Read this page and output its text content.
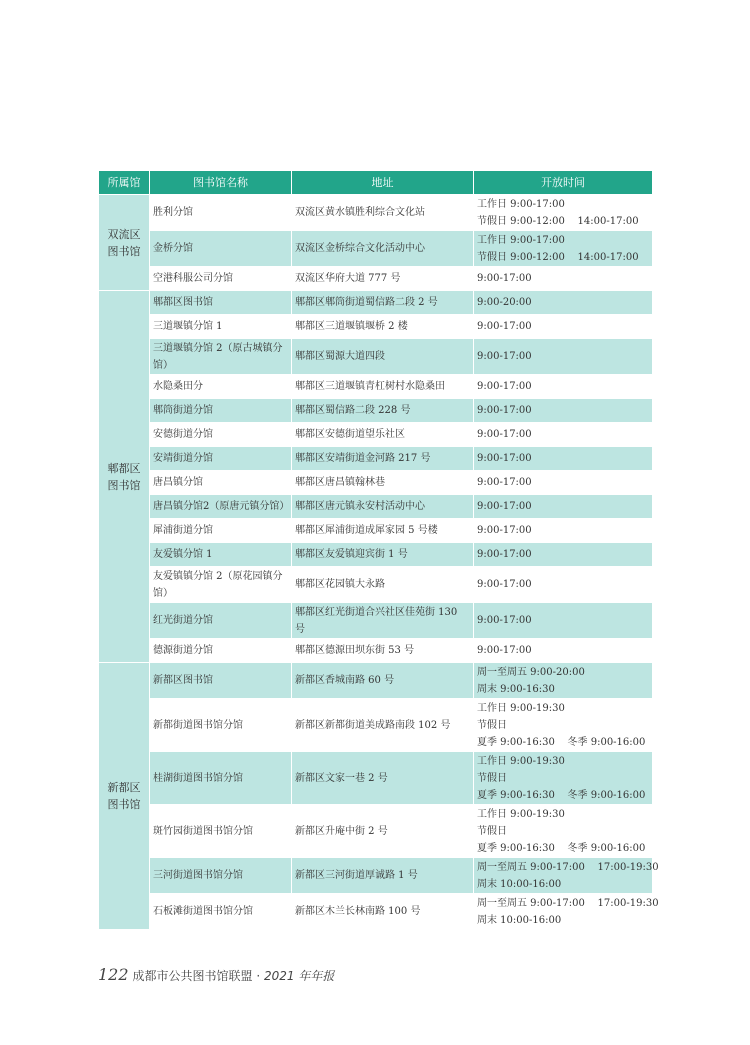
所属馆	图书馆名称	地址	开放时间
双流区
图书馆	胜利分馆	双流区黄水镇胜利综合文化站	工作日 9:00-17:00
节假日 9:00-12:00    14:00-17:00

	金桥分馆	双流区金桥综合文化活动中心	工作日 9:00-17:00
节假日 9:00-12:00    14:00-17:00

	空港科服公司分馆	双流区华府大道 777 号	9:00-17:00

郫都区
图书馆	郫都区图书馆	郫都区郫筒街道蜀信路二段 2 号	9:00-20:00

	三道堰镇分馆 1	郫都区三道堰镇堰桥 2 楼	9:00-17:00

	三道堰镇分馆 2（原古城镇分馆）	郫都区蜀源大道四段	9:00-17:00

	水隐桑田分	郫都区三道堰镇青杠树村水隐桑田	9:00-17:00

	郫筒街道分馆	郫都区蜀信路二段 228 号	9:00-17:00

	安德街道分馆	郫都区安德街道望乐社区	9:00-17:00

	安靖街道分馆	郫都区安靖街道金河路 217 号	9:00-17:00

	唐昌镇分馆	郫都区唐昌镇翰林巷	9:00-17:00

	唐昌镇分馆2（原唐元镇分馆）	郫都区唐元镇永安村活动中心	9:00-17:00

	犀浦街道分馆	郫都区犀浦街道成犀家园 5 号楼	9:00-17:00

	友爱镇分馆 1	郫都区友爱镇迎宾街 1 号	9:00-17:00

	友爱镇镇分馆 2（原花园镇分馆）	郫都区花园镇大永路	9:00-17:00

	红光街道分馆	郫都区红光街道合兴社区佳苑街 130 号	9:00-17:00

	德源街道分馆	郫都区德源田坝东街 53 号	9:00-17:00

新都区
图书馆	新都区图书馆	新都区香城南路 60 号	周一至周五 9:00-20:00
周末 9:00-16:30

	新都街道图书馆分馆	新都区新都街道美成路南段 102 号	工作日 9:00-19:30
节假日
夏季 9:00-16:30    冬季 9:00-16:00

	桂湖街道图书馆分馆	新都区文家一巷 2 号	工作日 9:00-19:30
节假日
夏季 9:00-16:30    冬季 9:00-16:00

	斑竹园街道图书馆分馆	新都区升庵中街 2 号	工作日 9:00-19:30
节假日
夏季 9:00-16:30    冬季 9:00-16:00

	三河街道图书馆分馆	新都区三河街道厚诚路 1 号	周一至周五 9:00-17:00    17:00-19:30
周末 10:00-16:00

	石板滩街道图书馆分馆	新都区木兰长林南路 100 号	周一至周五 9:00-17:00    17:00-19:30
周末 10:00-16:00
122 成都市公共图书馆联盟 · 2021 年年报
